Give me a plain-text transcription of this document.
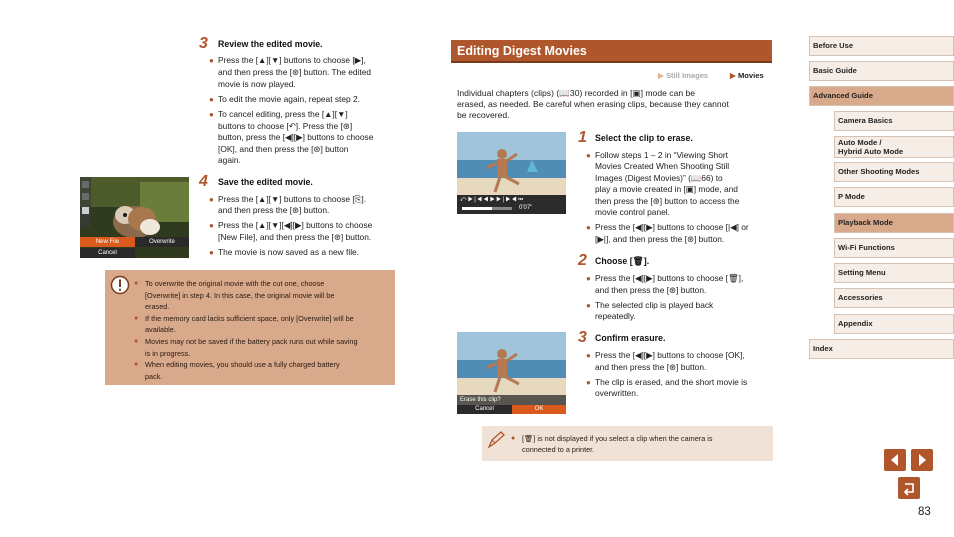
3 Review the edited movie.
● Press the [▲][▼] buttons to choose [▶],
and then press the [⊛] button. The edited
movie is now played.
● To edit the movie again, repeat step 2.
● To cancel editing, press the [▲][▼]
buttons to choose [↶]. Press the [⊛]
button, press the [◀][▶] buttons to choose
[OK], and then press the [⊛] button
again.
4 Save the edited movie.
● Press the [▲][▼] buttons to choose [⎘].
and then press the [⊛] button.
● Press the [▲][▼][◀][▶] buttons to choose
[New File], and then press the [⊛] button.
● The movie is now saved as a new file.
New File	Overwrite
Cancel
● To overwrite the original movie with the cut one, choose
[Overwrite] in step 4. In this case, the original movie will be
erased.
● If the memory card lacks sufficient space, only [Overwrite] will be
available.
● Movies may not be saved if the battery pack runs out while saving
is in progress.
● When editing movies, you should use a fully charged battery
pack.
Editing Digest Movies
▶ Still Images	▶ Movies
Individual chapters (clips) (📖30) recorded in [▣] mode can be
erased, as needed. Be careful when erasing clips, because they cannot
be recovered.
1 Select the clip to erase.
● Follow steps 1 – 2 in “Viewing Short
Movies Created When Shooting Still
Images (Digest Movies)” (📖66) to
play a movie created in [▣] mode, and
then press the [⊛] button to access the
movie control panel.
● Press the [◀][▶] buttons to choose [|◀] or
[▶|], and then press the [⊛] button.
⤺▶|◀◀▶▶|▶◀⏮
0'07"
2 Choose [🗑].
● Press the [◀][▶] buttons to choose [🗑],
and then press the [⊛] button.
● The selected clip is played back
repeatedly.
3 Confirm erasure.
● Press the [◀][▶] buttons to choose [OK],
and then press the [⊛] button.
● The clip is erased, and the short movie is
overwritten.
Erase this clip?
Cancel	OK
● [🗑] is not displayed if you select a clip when the camera is
connected to a printer.
Before Use
Basic Guide
Advanced Guide
Camera Basics
Auto Mode /
Hybrid Auto Mode
Other Shooting Modes
P Mode
Playback Mode
Wi-Fi Functions
Setting Menu
Accessories
Appendix
Index
83
